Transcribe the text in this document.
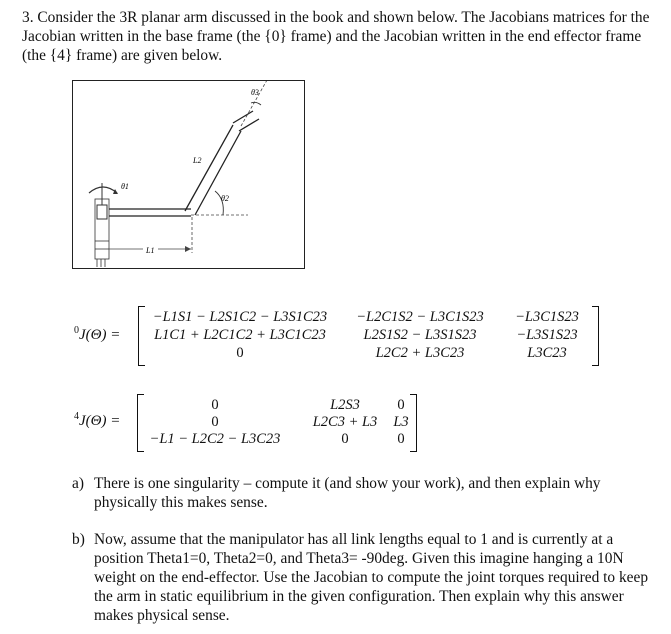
3. Consider the 3R planar arm discussed in the book and shown below. The Jacobians matrices for the Jacobian written in the base frame (the {0} frame) and the Jacobian written in the end effector frame (the {4} frame) are given below.

θ1
θ2
θ3
L2
L1
$^0$J(Θ) =
−L1S1 − L2S1C2 − L3S1C23	−L2C1S2 − L3C1S23	−L3C1S23
L1C1 + L2C1C2 + L3C1C23	L2S1S2 − L3S1S23	−L3S1S23
0	L2C2 + L3C23	L3C23
$^4$J(Θ) =
0	L2S3	0
0	L2C3 + L3	L3
−L1 − L2C2 − L3C23	0	0
a) There is one singularity – compute it (and show your work), and then explain why physically this makes sense.
b) Now, assume that the manipulator has all link lengths equal to 1 and is currently at a position Theta1=0, Theta2=0, and Theta3= -90deg. Given this imagine hanging a 10N weight on the end-effector. Use the Jacobian to compute the joint torques required to keep the arm in static equilibrium in the given configuration. Then explain why this answer makes physical sense.
